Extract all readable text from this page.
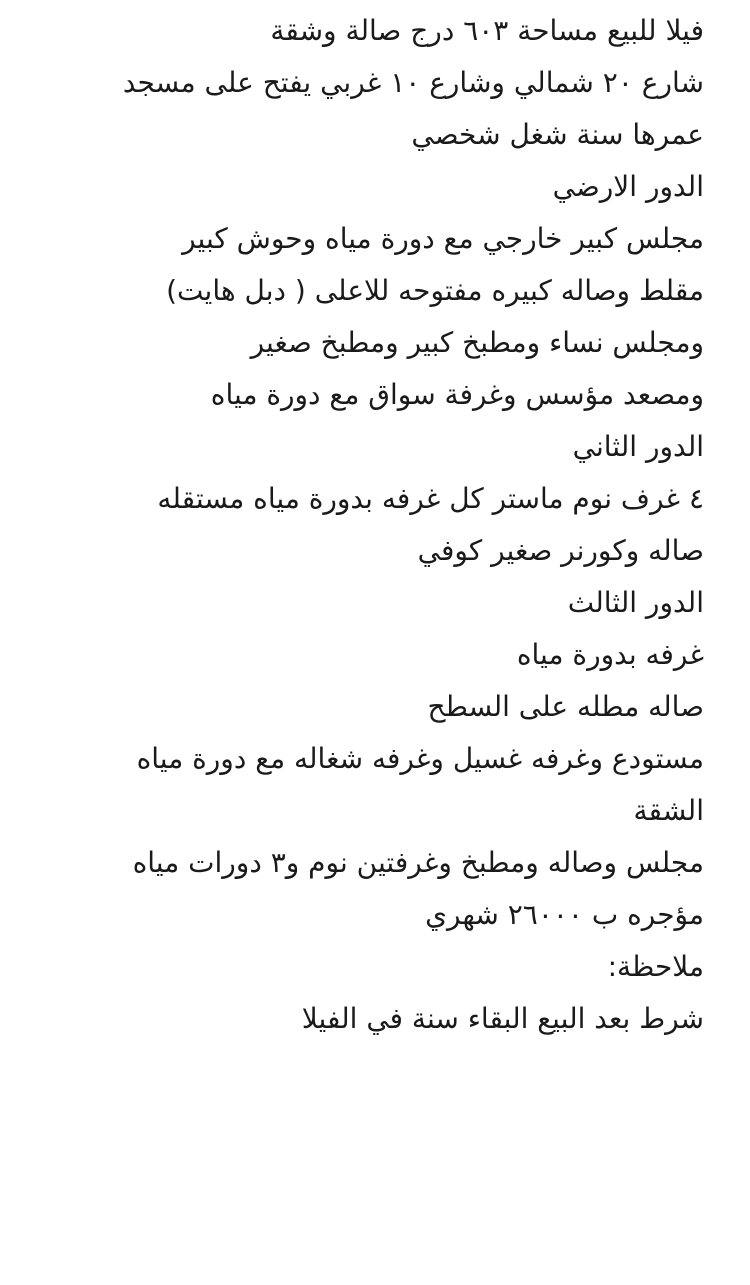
فيلا للبيع مساحة ٦٠٣ درج صالة وشقة
شارع ٢٠ شمالي وشارع ١٠ غربي يفتح على مسجد
عمرها سنة شغل شخصي
الدور الارضي
مجلس كبير خارجي مع دورة مياه وحوش كبير
مقلط وصاله كبيره مفتوحه للاعلى ( دبل هايت)
ومجلس نساء ومطبخ كبير ومطبخ صغير
ومصعد مؤسس وغرفة سواق مع دورة مياه
الدور الثاني
٤ غرف نوم ماستر كل غرفه بدورة مياه مستقله
صاله وكورنر صغير كوفي
الدور الثالث
غرفه بدورة مياه
صاله مطله على السطح
مستودع وغرفه غسيل وغرفه شغاله مع دورة مياه
الشقة
مجلس وصاله ومطبخ وغرفتين نوم و٣ دورات مياه
مؤجره ب ٢٦٠٠٠ شهري
ملاحظة:
شرط بعد البيع البقاء سنة في الفيلا
